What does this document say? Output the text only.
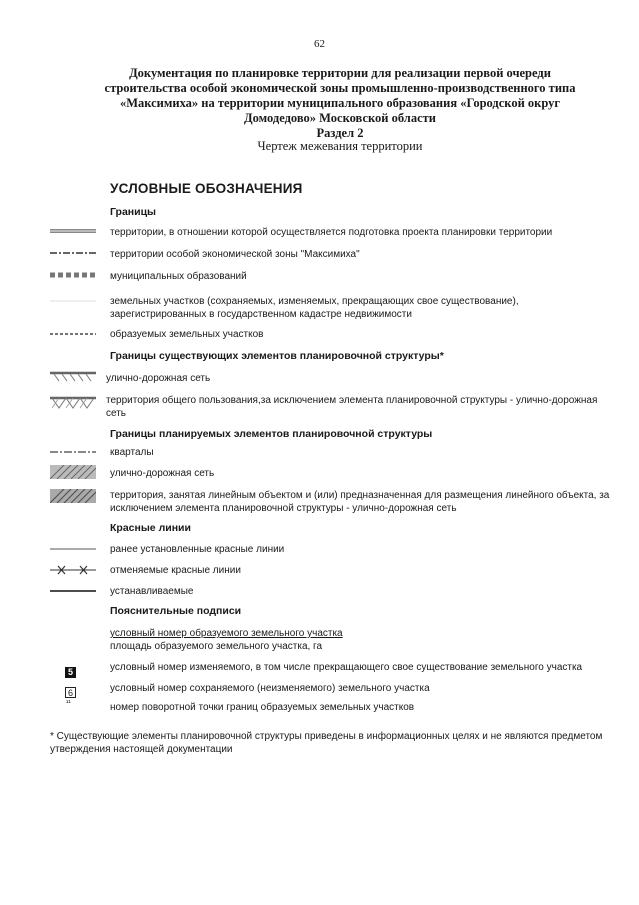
62
Документация по планировке территории для реализации первой очереди строительства особой экономической зоны промышленно-производственного типа «Максимиха» на территории муниципального образования «Городской округ Домодедово» Московской области
Раздел 2
Чертеж межевания территории
УСЛОВНЫЕ ОБОЗНАЧЕНИЯ
Границы
территории, в отношении которой осуществляется подготовка проекта планировки территории
территории особой экономической зоны "Максимиха"
муниципальных образований
земельных участков (сохраняемых, изменяемых, прекращающих свое существование), зарегистрированных в государственном кадастре недвижимости
образуемых земельных участков
Границы существующих элементов планировочной структуры*
улично-дорожная сеть
территория общего пользования,за исключением элемента планировочной структуры - улично-дорожная сеть
Границы планируемых элементов планировочной структуры
кварталы
улично-дорожная сеть
территория, занятая линейным объектом и (или) предназначенная для размещения линейного объекта, за исключением элемента планировочной структуры - улично-дорожная сеть
Красные линии
ранее установленные красные линии
отменяемые красные линии
устанавливаемые
Пояснительные подписи
условный номер образуемого земельного участка
площадь образуемого земельного участка, га
5	условный номер изменяемого, в том числе прекращающего свое существование земельного участка
6	условный номер сохраняемого (неизменяемого) земельного участка
¹¹	номер поворотной точки границ образуемых земельных участков
* Существующие элементы планировочной структуры приведены в информационных целях и не являются предметом утверждения настоящей документации
